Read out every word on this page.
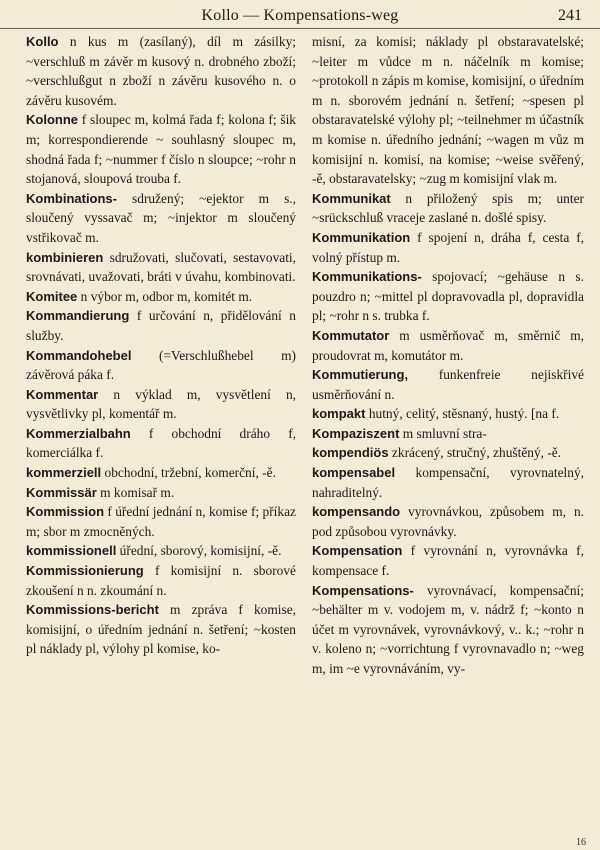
Kollo — Kompensations-weg	241

Kollo n kus m (zasílaný), díl m zásilky; ~verschluß m závěr m kusový n. drobného zboží; ~verschlußgut n zboží n závěru kusového n. o závěru kusovém.

Kolonne f sloupec m, kolmá řada f; kolona f; šik m; korrespondierende ~ souhlasný sloupec m, shodná řada f; ~nummer f číslo n sloupce; ~rohr n stojanová, sloupová trouba f.

Kombinations- sdružený; ~ejektor m s., sloučený vyssavač m; ~injektor m sloučený vstřikovač m.

kombinieren sdružovati, slučovati, sestavovati, srovnávati, uvažovati, bráti v úvahu, kombinovati.

Komitee n výbor m, odbor m, komitét m.

Kommandierung f určování n, přidělování n služby.

Kommandohebel (=Verschlußhebel m) závěrová páka f.

Kommentar n výklad m, vysvětlení n, vysvětlivky pl, komentář m.

Kommerzialbahn f obchodní dráho f, komerciálka f.

kommerziell obchodní, tržební, komerční, -ě.

Kommissär m komisař m.

Kommission f úřední jednání n, komise f; příkaz m; sbor m zmocněných.

kommissionell úřední, sborový, komisijní, -ě.

Kommissionierung f komisijní n. sborové zkoušení n n. zkoumání n.

Kommissions-bericht m zpráva f komise, komisijní, o úředním jednání n. šetření; ~kosten pl náklady pl, výlohy pl komise, ko-

misní, za komisi; náklady pl obstaravatelské; ~leiter m vůdce m n. náčelník m komise; ~protokoll n zápis m komise, komisijní, o úředním m n. sborovém jednání n. šetření; ~spesen pl obstaravatelské výlohy pl; ~teilnehmer m účastník m komise n. úředního jednání; ~wagen m vůz m komisijní n. komisí, na komise; ~weise svěřený, -ě, obstaravatelsky; ~zug m komisijní vlak m.

Kommunikat n přiložený spis m; unter ~srückschluß vraceje zaslané n. došlé spisy.

Kommunikation f spojení n, dráha f, cesta f, volný přístup m.

Kommunikations- spojovací; ~gehäuse n s. pouzdro n; ~mittel pl dopravovadla pl, dopravidla pl; ~rohr n s. trubka f.

Kommutator m usměrňovač m, směrnič m, proudovrat m, komutátor m.

Kommutierung, funkenfreie nejiskřivé usměrňování n.

kompakt hutný, celitý, stěsnaný, hustý. [na f.

Kompaziszent m smluvní stra-

kompendiös zkrácený, stručný, zhuštěný, -ě.

kompensabel kompensační, vyrovnatelný, nahraditelný.

kompensando vyrovnávkou, způsobem m, n. pod způsobou vyrovnávky.

Kompensation f vyrovnání n, vyrovnávka f, kompensace f.

Kompensations- vyrovnávací, kompensační; ~behälter m v. vodojem m, v. nádrž f; ~konto n účet m vyrovnávek, vyrovnávkový, v.. k.; ~rohr n v. koleno n; ~vorrichtung f vyrovnavadlo n; ~weg m, im ~e vyrovnáváním, vy-

16
